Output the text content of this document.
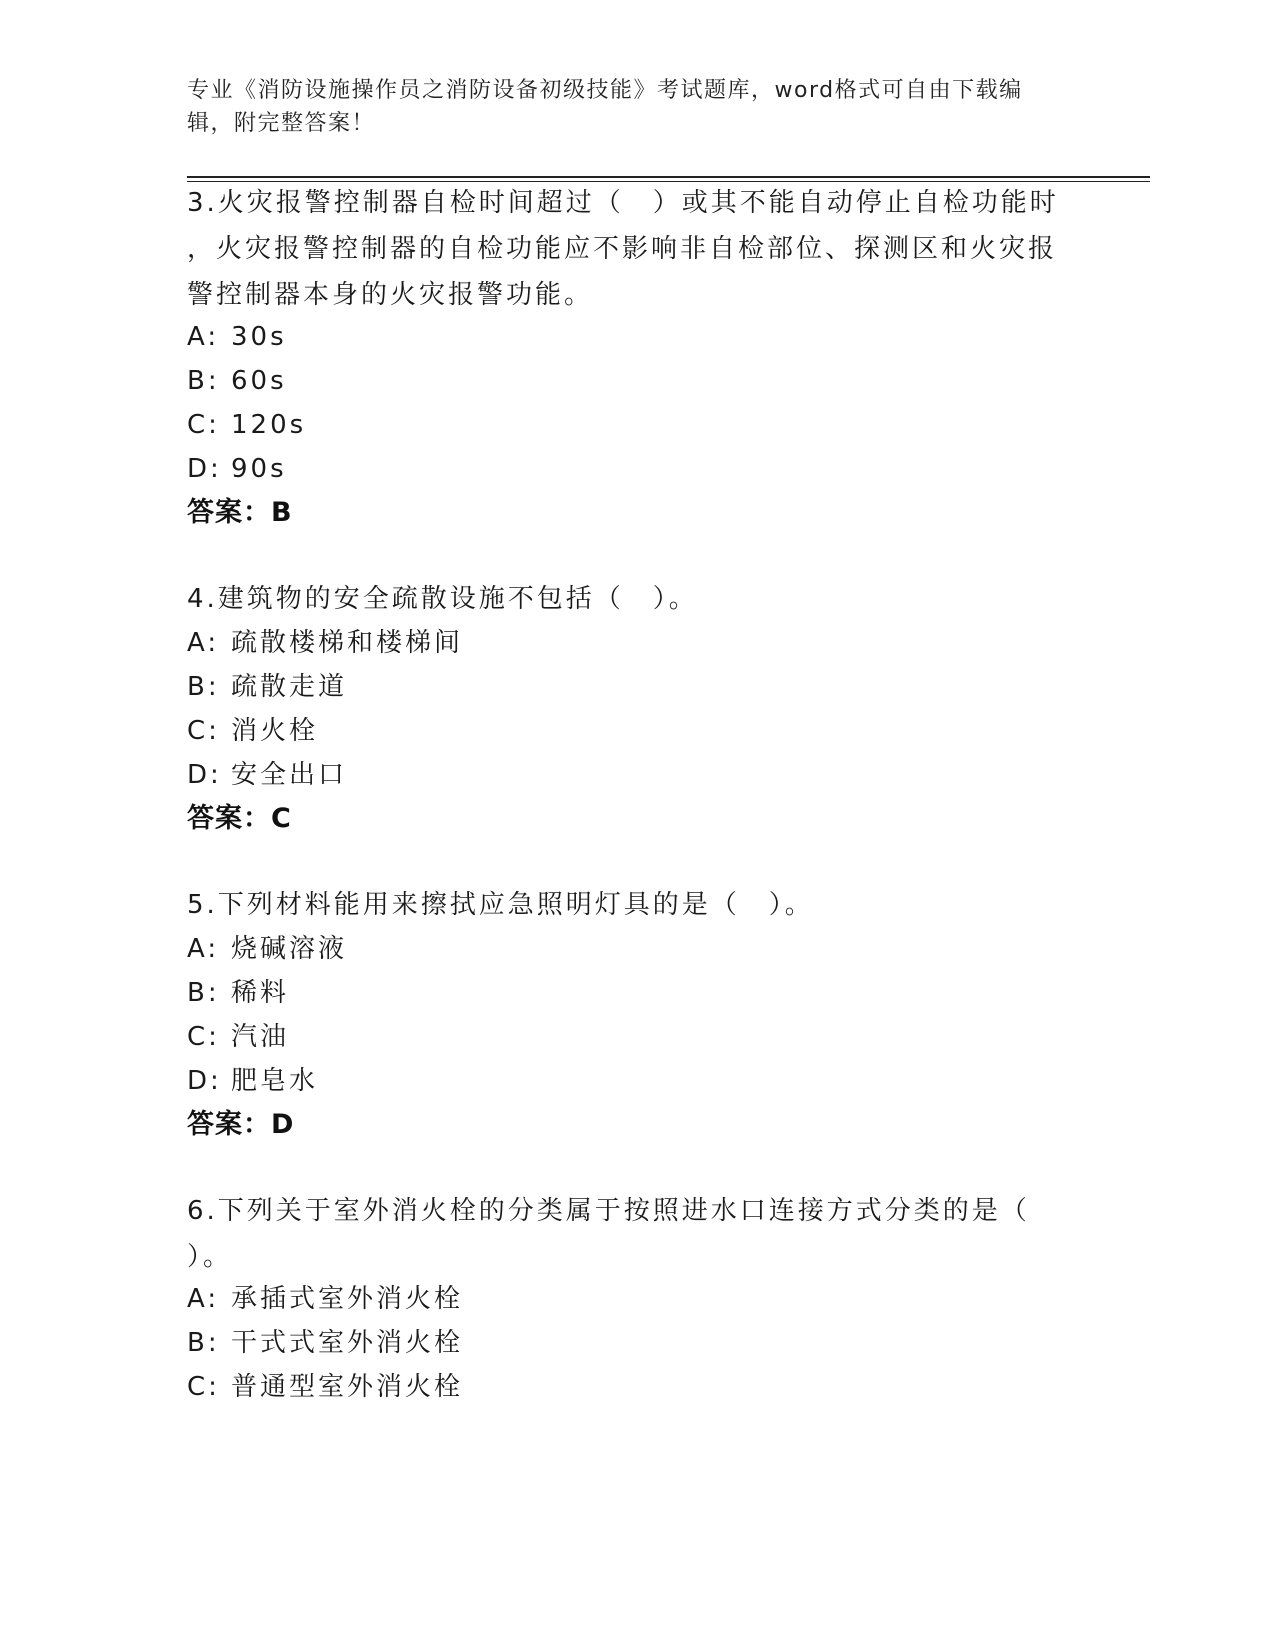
专业《消防设施操作员之消防设备初级技能》考试题库，word格式可自由下载编
辑，附完整答案！
3.火灾报警控制器自检时间超过（　）或其不能自动停止自检功能时
，火灾报警控制器的自检功能应不影响非自检部位、探测区和火灾报
警控制器本身的火灾报警功能。
A: 30s
B: 60s
C: 120s
D: 90s
答案：B
4.建筑物的安全疏散设施不包括（　）。
A: 疏散楼梯和楼梯间
B: 疏散走道
C: 消火栓
D: 安全出口
答案：C
5.下列材料能用来擦拭应急照明灯具的是（　）。
A: 烧碱溶液
B: 稀料
C: 汽油
D: 肥皂水
答案：D
6.下列关于室外消火栓的分类属于按照进水口连接方式分类的是（
）。
A: 承插式室外消火栓
B: 干式式室外消火栓
C: 普通型室外消火栓
